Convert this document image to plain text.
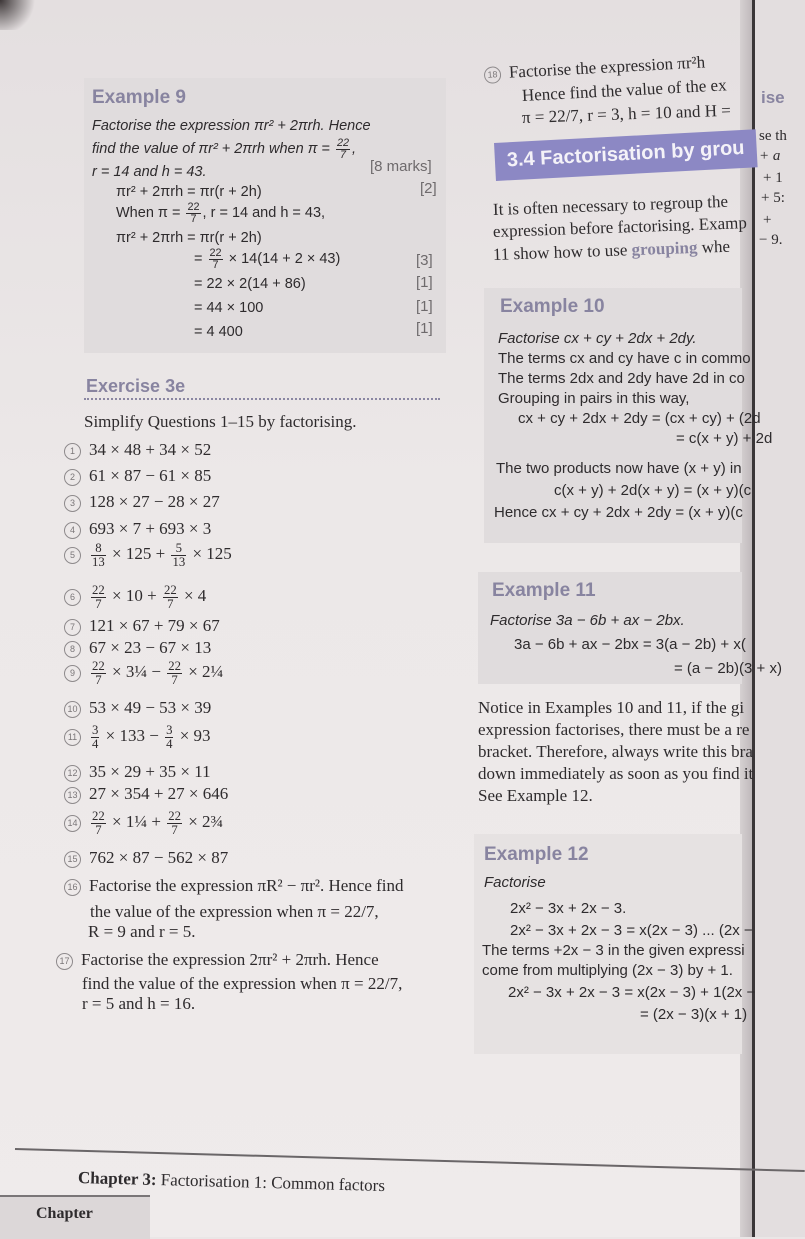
ise
se th
+ a
+ 1
+ 5:
+
− 9.
Example 9
Factorise the expression πr² + 2πrh. Hence
find the value of πr² + 2πrh when $\pi = \frac{22}{7}$ ,
r = 14 and h = 43.	[8 marks]
πr² + 2πrh = πr(r + 2h)	[2]
When $\pi = \frac{22}{7}$ , r = 14 and h = 43,
πr² + 2πrh = πr(r + 2h)
= $\frac{22}{7} \times 14(14 + 2 \times 43)$	[3]
= 22 × 2(14 + 86)	[1]
= 44 × 100	[1]
= 4 400	[1]
Exercise 3e
Simplify Questions 1–15 by factorising.
1 34 × 48 + 34 × 52
2 61 × 87 − 61 × 85
3 128 × 27 − 28 × 27
4 693 × 7 + 693 × 3
$5 \frac{8}{13} \times 125 + \frac{5}{13} \times 125$
$6 \frac{22}{7} \times 10 + \frac{22}{7} \times 4$
7 121 × 67 + 79 × 67
8 67 × 23 − 67 × 13
$9 \frac{22}{7}$ × 3¼ − $\frac{22}{7}$ × 2¼
10 53 × 49 − 53 × 39
$11 \frac{3}{4} \times 133 - \frac{3}{4} \times 93$
12 35 × 29 + 35 × 11
13 27 × 354 + 27 × 646
$14 \frac{22}{7}$ × 1¼ + $\frac{22}{7}$ × 2¾
15 762 × 87 − 562 × 87
16 Factorise the expression πR² − πr². Hence find
the value of the expression when π = 22/7,
R = 9 and r = 5.
17 Factorise the expression 2πr² + 2πrh. Hence
find the value of the expression when π = 22/7,
r = 5 and h = 16.
18 Factorise the expression πr²h
Hence find the value of the ex
π = 22/7, r = 3, h = 10 and H =
3.4 Factorisation by grou
It is often necessary to regroup the
expression before factorising. Examp
11 show how to use grouping whe
Example 10
Factorise cx + cy + 2dx + 2dy.
The terms cx and cy have c in commo
The terms 2dx and 2dy have 2d in co
Grouping in pairs in this way,
cx + cy + 2dx + 2dy = (cx + cy) + (2d
= c(x + y) + 2d
The two products now have (x + y) in
c(x + y) + 2d(x + y) = (x + y)(c
Hence cx + cy + 2dx + 2dy = (x + y)(c
Example 11
Factorise 3a − 6b + ax − 2bx.
3a − 6b + ax − 2bx = 3(a − 2b) + x(
= (a − 2b)(3 + x)
Notice in Examples 10 and 11, if the gi
expression factorises, there must be a re
bracket. Therefore, always write this bra
down immediately as soon as you find it
See Example 12.
Example 12
Factorise
2x² − 3x + 2x − 3.
2x² − 3x + 2x − 3 = x(2x − 3) ... (2x −
The terms +2x − 3 in the given expressi
come from multiplying (2x − 3) by + 1.
2x² − 3x + 2x − 3 = x(2x − 3) + 1(2x −
= (2x − 3)(x + 1)
Chapter 3: Factorisation 1: Common factors
Chapter
